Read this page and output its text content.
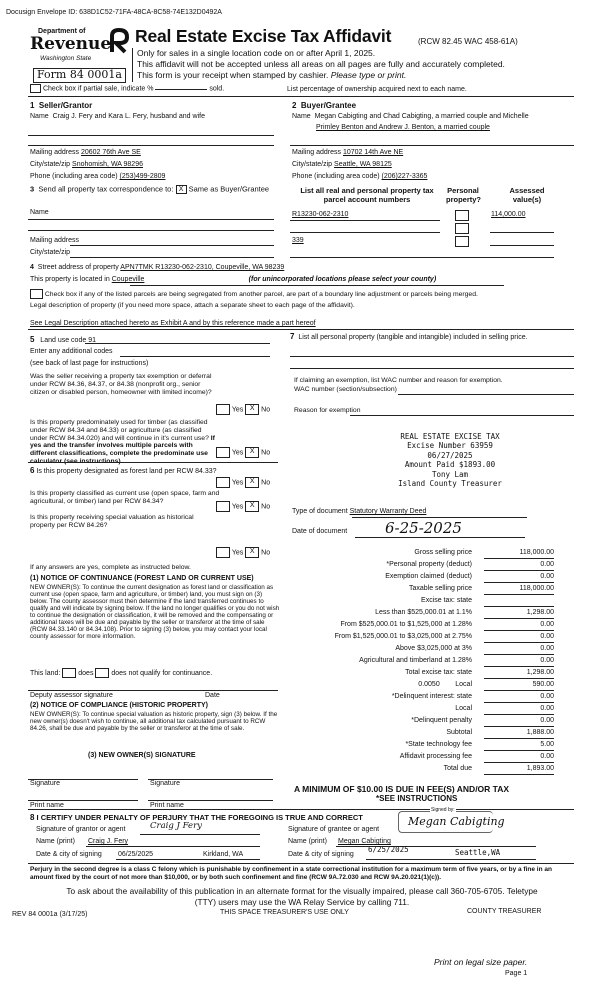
Docusign Envelope ID: 638D1C52-71FA-48CA-8C58-74E132D0492A
Department of
Revenue
Washington State
Form 84 0001a
Real Estate Excise Tax Affidavit	(RCW 82.45 WAC 458-61A)
Only for sales in a single location code on or after April 1, 2025.
This affidavit will not be accepted unless all areas on all pages are fully and accurately completed.
This form is your receipt when stamped by cashier. Please type or print.
Check box if partial sale, indicate %	sold.	List percentage of ownership acquired next to each name.
1 Seller/Grantor
Name Craig J. Fery and Kara L. Fery, husband and wife
Mailing address 20602 76th Ave SE
City/state/zip Snohomish, WA 98296
Phone (including area code) (253)499-2809
2 Buyer/Grantee
Name Megan Cabigting and Chad Cabigting, a married couple and Michelle
Primley Benton and Andrew J. Benton, a married couple
Mailing address 10702 14th Ave NE
City/state/zip Seattle, WA 98125
Phone (including area code) (206)227-3365
3 Send all property tax correspondence to: X Same as Buyer/Grantee
Name
Mailing address
City/state/zip
List all real and personal property tax parcel account numbers
Personal property?
Assessed value(s)
R13230-062-2310	114,000.00
339
4 Street address of property APN7TMK R13230-062-2310, Coupeville, WA 98239
This property is located in Coupeville	(for unincorporated locations please select your county)
Check box if any of the listed parcels are being segregated from another parcel, are part of a boundary line adjustment or parcels being merged.
Legal description of property (if you need more space, attach a separate sheet to each page of the affidavit).
See Legal Description attached hereto as Exhibit A and by this reference made a part hereof
5 Land use code 91
Enter any additional codes
(see back of last page for instructions)
Was the seller receiving a property tax exemption or deferral under RCW 84.36, 84.37, or 84.38 (nonprofit org., senior citizen or disabled person, homeowner with limited income)?
Yes X No
Is this property predominately used for timber (as classified under RCW 84.34 and 84.33) or agriculture (as classified under RCW 84.34.020) and will continue in it's current use? If yes and the transfer involves multiple parcels with different classifications, complete the predominate use calculator (see instructions)
Yes X No
7 List all personal property (tangible and intangible) included in selling price.
If claiming an exemption, list WAC number and reason for exemption.
WAC number (section/subsection)
Reason for exemption
REAL ESTATE EXCISE TAX
Excise Number 63959
06/27/2025
Amount Paid $1893.00
Tony Lam
Island County Treasurer
6 Is this property designated as forest land per RCW 84.33?
Yes X No
Is this property classified as current use (open space, farm and agricultural, or timber) land per RCW 84.34?
Yes X No
Is this property receiving special valuation as historical property per RCW 84.26?
Yes X No
If any answers are yes, complete as instructed below.
(1) NOTICE OF CONTINUANCE (FOREST LAND OR CURRENT USE)
NEW OWNER(S): To continue the current designation as forest land or classification as current use (open space, farm and agriculture, or timber) land, you must sign on (3) below. The county assessor must then determine if the land transferred continues to qualify and will indicate by signing below. If the land no longer qualifies or you do not wish to continue the designation or classification, it will be removed and the compensating or additional taxes will be due and payable by the seller or transferor at the time of sale (RCW 84.33.140 or 84.34.108). Prior to signing (3) below, you may contact your local county assessor for more information.
This land:	does	does not qualify for continuance.
Deputy assessor signature	Date
(2) NOTICE OF COMPLIANCE (HISTORIC PROPERTY)
NEW OWNER(S): To continue special valuation as historic property, sign (3) below. If the new owner(s) doesn't wish to continue, all additional tax calculated pursuant to RCW 84.26, shall be due and payable by the seller or transferor at the time of sale.
(3) NEW OWNER(S) SIGNATURE
Signature	Signature
Print name	Print name
Type of document Statutory Warranty Deed
Date of document	6-25-2025
Gross selling price	118,000.00
*Personal property (deduct)	0.00
Exemption claimed (deduct)	0.00
Taxable selling price	118,000.00
Excise tax: state
Less than $525,000.01 at 1.1%	1,298.00
From $525,000.01 to $1,525,000 at 1.28%	0.00
From $1,525,000.01 to $3,025,000 at 2.75%	0.00
Above $3,025,000 at 3%	0.00
Agricultural and timberland at 1.28%	0.00
Total excise tax: state	1,298.00
0.0050        Local	590.00
*Delinquent interest: state	0.00
Local	0.00
*Delinquent penalty	0.00
Subtotal	1,888.00
*State technology fee	5.00
Affidavit processing fee	0.00
Total due	1,893.00
A MINIMUM OF $10.00 IS DUE IN FEE(S) AND/OR TAX
*SEE INSTRUCTIONS
8 I CERTIFY UNDER PENALTY OF PERJURY THAT THE FOREGOING IS TRUE AND CORRECT
Signature of grantor or agent	Craig J Fery
Name (print) Craig J. Fery
Date & city of signing 06/25/2025	Kirkland, WA
Signature of grantee or agent
Signed by:
Megan Cabigting
Name (print) Megan Cabigting
Date & city of signing
6/25/2025	Seattle,WA
Perjury in the second degree is a class C felony which is punishable by confinement in a state correctional institution for a maximum term of five years, or by a fine in an amount fixed by the court of not more than $10,000, or by both such confinement and fine (RCW 9A.72.030 and RCW 9A.20.021(1)(c)).
To ask about the availability of this publication in an alternate format for the visually impaired, please call 360-705-6705. Teletype
(TTY) users may use the WA Relay Service by calling 711.
REV 84 0001a (3/17/25)	THIS SPACE TREASURER'S USE ONLY	COUNTY TREASURER
Print on legal size paper.
Page 1
